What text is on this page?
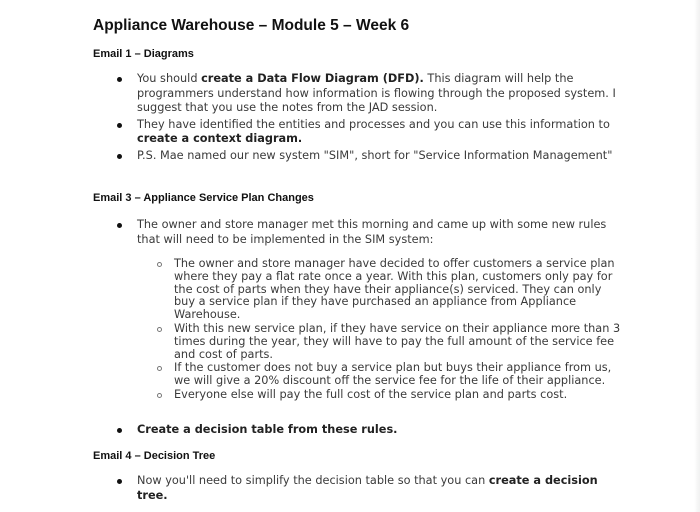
Appliance Warehouse – Module 5 – Week 6
Email 1 – Diagrams
You should create a Data Flow Diagram (DFD). This diagram will help the programmers understand how information is flowing through the proposed system. I suggest that you use the notes from the JAD session.
They have identified the entities and processes and you can use this information to create a context diagram.
P.S. Mae named our new system "SIM", short for "Service Information Management"
Email 3 – Appliance Service Plan Changes
The owner and store manager met this morning and came up with some new rules that will need to be implemented in the SIM system:
The owner and store manager have decided to offer customers a service plan where they pay a flat rate once a year. With this plan, customers only pay for the cost of parts when they have their appliance(s) serviced. They can only buy a service plan if they have purchased an appliance from Appliance Warehouse.
With this new service plan, if they have service on their appliance more than 3 times during the year, they will have to pay the full amount of the service fee and cost of parts.
If the customer does not buy a service plan but buys their appliance from us, we will give a 20% discount off the service fee for the life of their appliance.
Everyone else will pay the full cost of the service plan and parts cost.
Create a decision table from these rules.
Email 4 – Decision Tree
Now you'll need to simplify the decision table so that you can create a decision tree.
